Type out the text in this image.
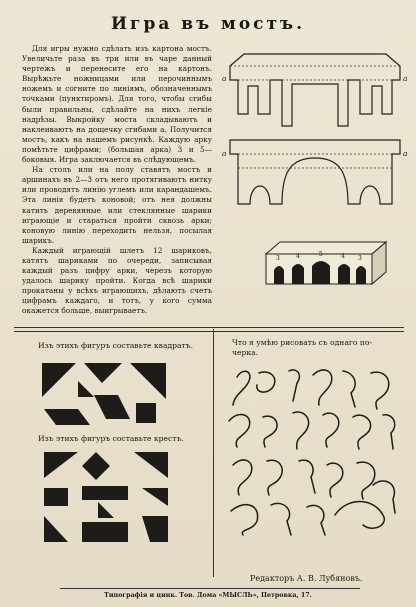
Игра въ мостъ.

Для игры нужно сдѣлать изъ картона мостъ. Увеличьте раза въ три или въ чаре данный чертежъ и перенесите его на картонъ. Вырѣжьте ножницами или перочиннымъ ножемъ и согните по линіямъ, обозначеннымъ точками (пунктиромъ). Для того, чтобы сгибы были правильны, сдѣлайте на нихъ легкіе надрѣзы. Выкройку моста складываютъ и наклеиваютъ на дощечку сгибами а. Получится мостъ, какъ на нашемъ рисункѣ. Каждую арку помѣтьте цифрами; (большая арка) 3 и 5—боковыя. Игра заключается въ слѣдующемъ.

На столъ или на полу ставятъ мостъ и аршинахъ въ 2—3 отъ него протягиваютъ нитку или проводятъ линію углемъ или карандашемъ. Эта линія будетъ коновой; отъ нея должны катить деревянные или стеклянные шарики играющіе и стараться пройти сквозь арки; коновую линію переходить нельзя, посылая шарикъ.

Каждый играющій шлетъ 12 шариковъ, катятъ шариками по очереди, записывая каждый разъ цифру арки, черезъ которую удалось шарику пройти. Когда всѣ шарики прокатаны у всѣхъ играющихъ, дѣлаютъ счетъ цифрамъ каждаго, и тотъ, у кого сумма окажется больше, выигрываетъ.

a	a
a	a
3	4	5	4 3
Изъ этихъ фигуръ составьте квадратъ.
Изъ этихъ фигуръ составьте крестъ.
Что я умѣю рисовать съ однаго по-
черка.
Редакторъ А. В. Лубяновъ.
Типографія и цинк. Тов. Дома «МЫСЛЬ», Петровка, 17.
